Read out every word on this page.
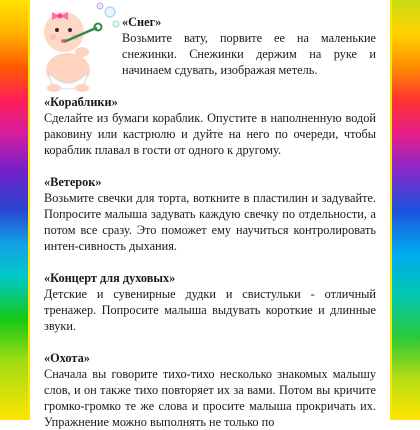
«Снег»
Возьмите вату, порвите ее на маленькие снежинки. Снежинки держим на руке и начинаем сдувать, изображая метель.
«Кораблики»
Сделайте из бумаги кораблик. Опустите в наполненную водой раковину или кастрюлю и дуйте на него по очереди, чтобы кораблик плавал в гости от одного к другому.
«Ветерок»
Возьмите свечки для торта, воткните в пластилин и задувайте. Попросите малыша задувать каждую свечку по отдельности, а потом все сразу. Это поможет ему научиться контролировать интен-сивность дыхания.
«Концерт для духовых»
Детские и сувенирные дудки и свистульки - отличный тренажер. Попросите малыша выдувать короткие и длинные звуки.
«Охота»
Сначала вы говорите тихо-тихо несколько знакомых малышу слов, и он также тихо повторяет их за вами. Потом вы кричите громко-громко те же слова и просите малыша прокричать их. Упражнение можно выполнять не только по
